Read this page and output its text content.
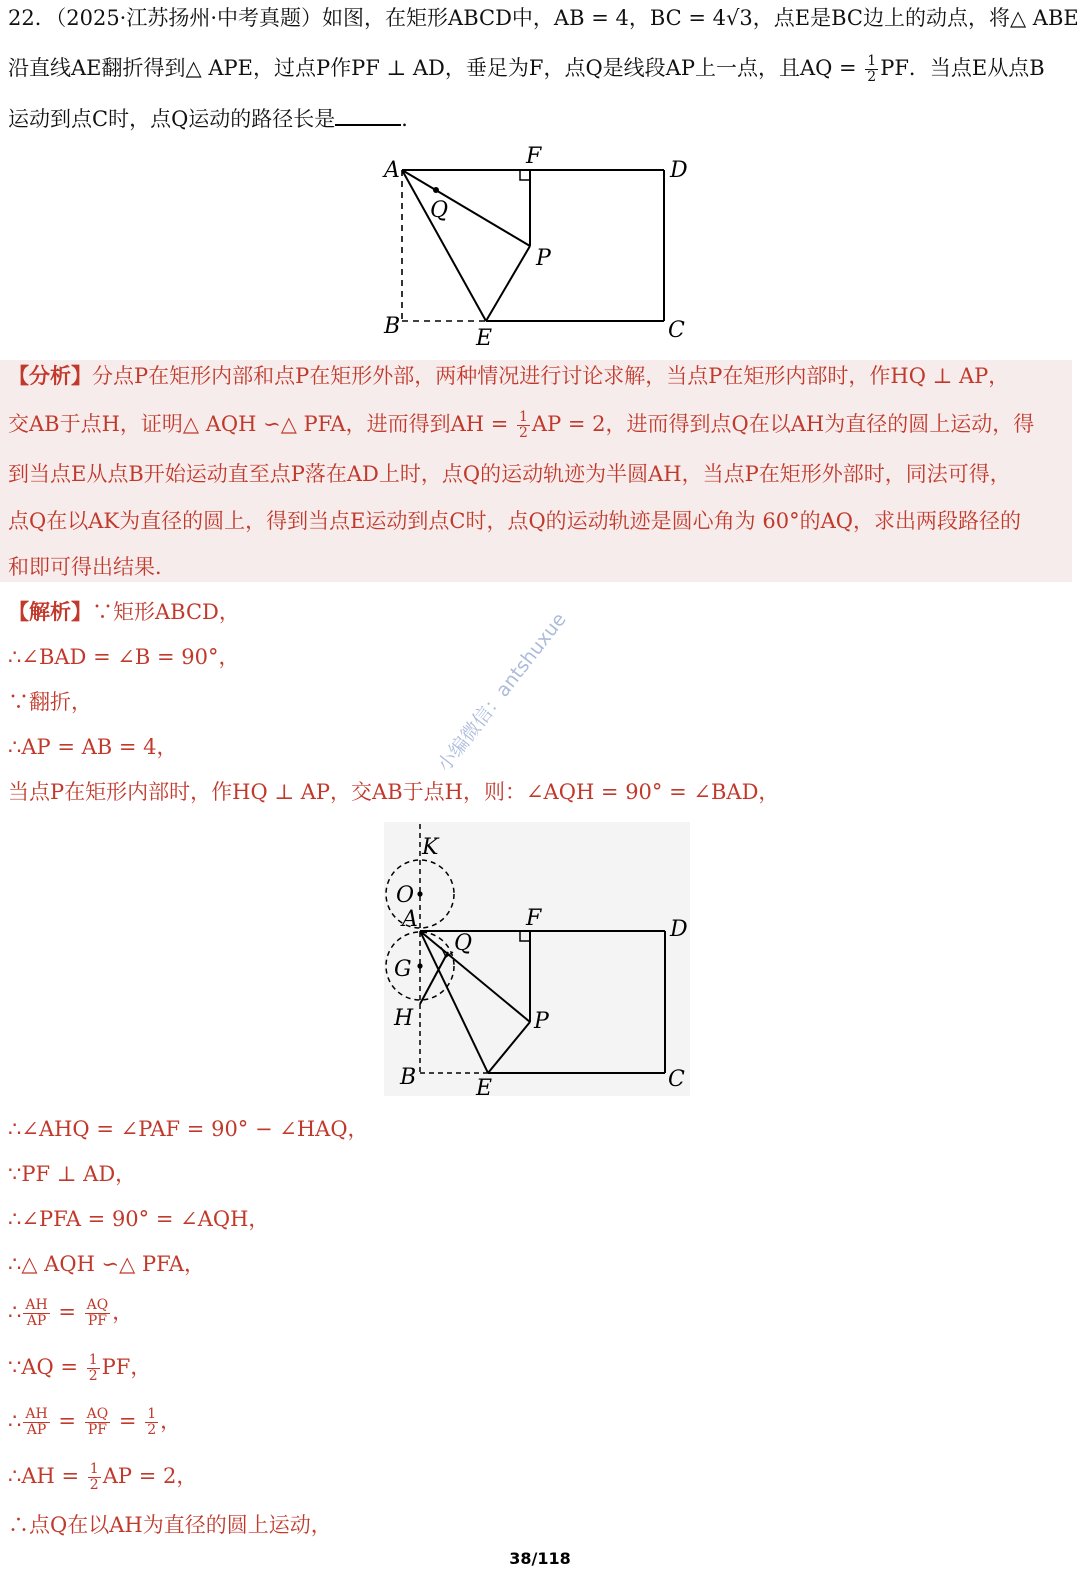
22．（2025·江苏扬州·中考真题）如图，在矩形ABCD中，AB = 4，BC = 4√3，点E是BC边上的动点，将△ ABE
沿直线AE翻折得到△ APE，过点P作PF ⊥ AD，垂足为F，点Q是线段AP上一点，且AQ = $\frac{1}{2}$ PF．当点E从点B
运动到点C时，点Q运动的路径长是	．
A
F
D
Q
P
B	E	C
【分析】分点P在矩形内部和点P在矩形外部，两种情况进行讨论求解，当点P在矩形内部时，作HQ ⊥ AP，
交AB于点H，证明△ AQH ∽△ PFA，进而得到AH = $\frac{1}{2}$ AP = 2，进而得到点Q在以AH为直径的圆上运动，得
到当点E从点B开始运动直至点P落在AD上时，点Q的运动轨迹为半圆AH，当点P在矩形外部时，同法可得，
点Q在以AK为直径的圆上，得到当点E运动到点C时，点Q的运动轨迹是圆心角为 60°的AQ，求出两段路径的
和即可得出结果．
【解析】∵矩形ABCD，
∴∠BAD = ∠B = 90°，
∵翻折，
∴AP = AB = 4，
当点P在矩形内部时，作HQ ⊥ AP，交AB于点H，则：∠AQH = 90° = ∠BAD，
K
O
A	F	D
Q
G
H	P
B	E	C
小编微信：antshuxue
∴∠AHQ = ∠PAF = 90° − ∠HAQ，
∵PF ⊥ AD，
∴∠PFA = 90° = ∠AQH，
∴△ AQH ∽△ PFA，
∴ $\frac{AH}{AP} = \frac{AQ}{PF}$ ，
∵AQ = $\frac{1}{2}$ PF，
∴ $\frac{AH}{AP} = \frac{AQ}{PF} = \frac{1}{2}$ ，
∴AH = $\frac{1}{2}$ AP = 2，
∴点Q在以AH为直径的圆上运动，
38/118
